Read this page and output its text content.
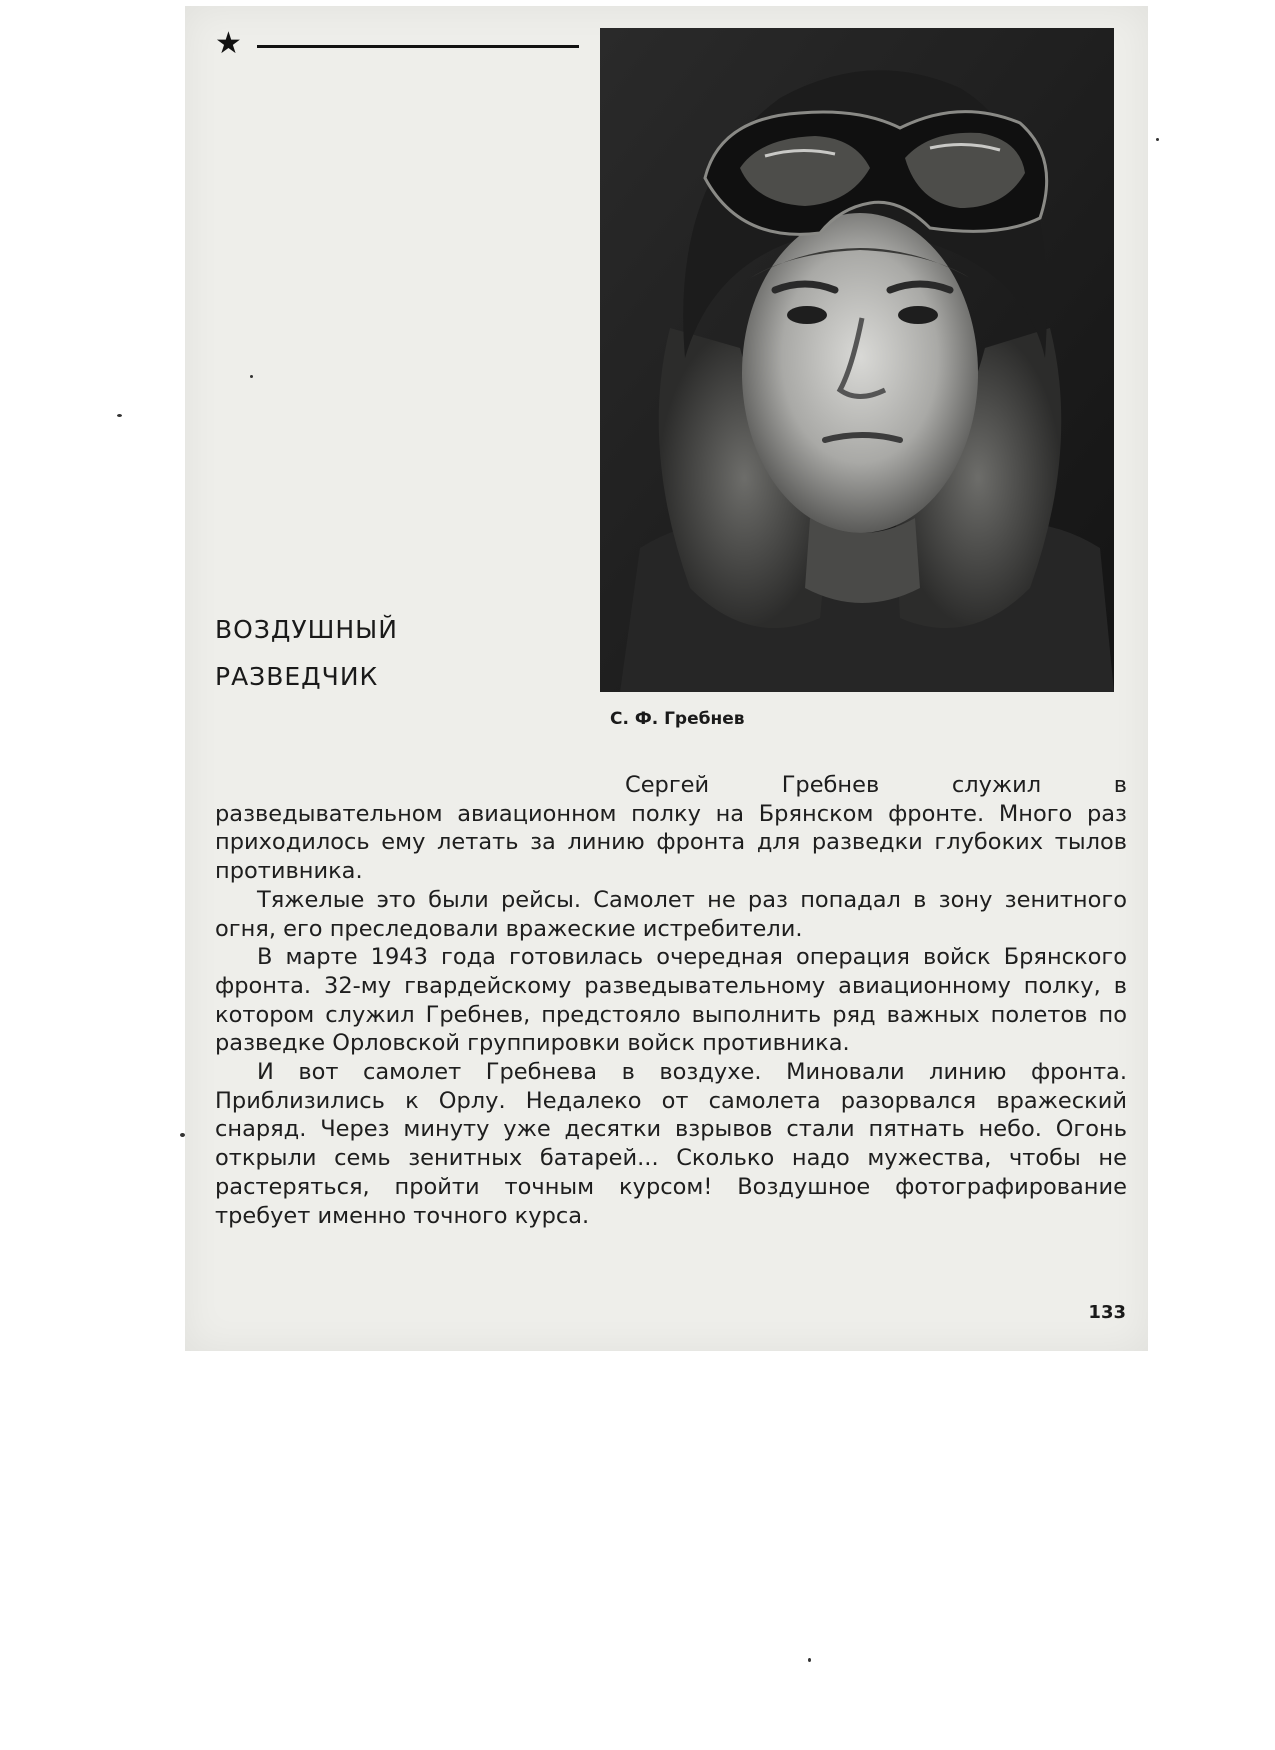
★
ВОЗДУШНЫЙ
РАЗВЕДЧИК
С. Ф. Гребнев

Сергей Гребнев служил в разведывательном авиационном полку на Брянском фронте. Много раз приходилось ему летать за линию фронта для разведки глубоких тылов противника.

Тяжелые это были рейсы. Самолет не раз попадал в зону зенитного огня, его преследовали вражеские истребители.

В марте 1943 года готовилась очередная операция войск Брянского фронта. 32-му гвардейскому разведывательному авиационному полку, в котором служил Гребнев, предстояло выполнить ряд важных полетов по разведке Орловской группировки войск противника.

И вот самолет Гребнева в воздухе. Миновали линию фронта. Приблизились к Орлу. Недалеко от самолета разорвался вражеский снаряд. Через минуту уже десятки взрывов стали пятнать небо. Огонь открыли семь зенитных батарей... Сколько надо мужества, чтобы не растеряться, пройти точным курсом! Воздушное фотографирование требует именно точного курса.

133
